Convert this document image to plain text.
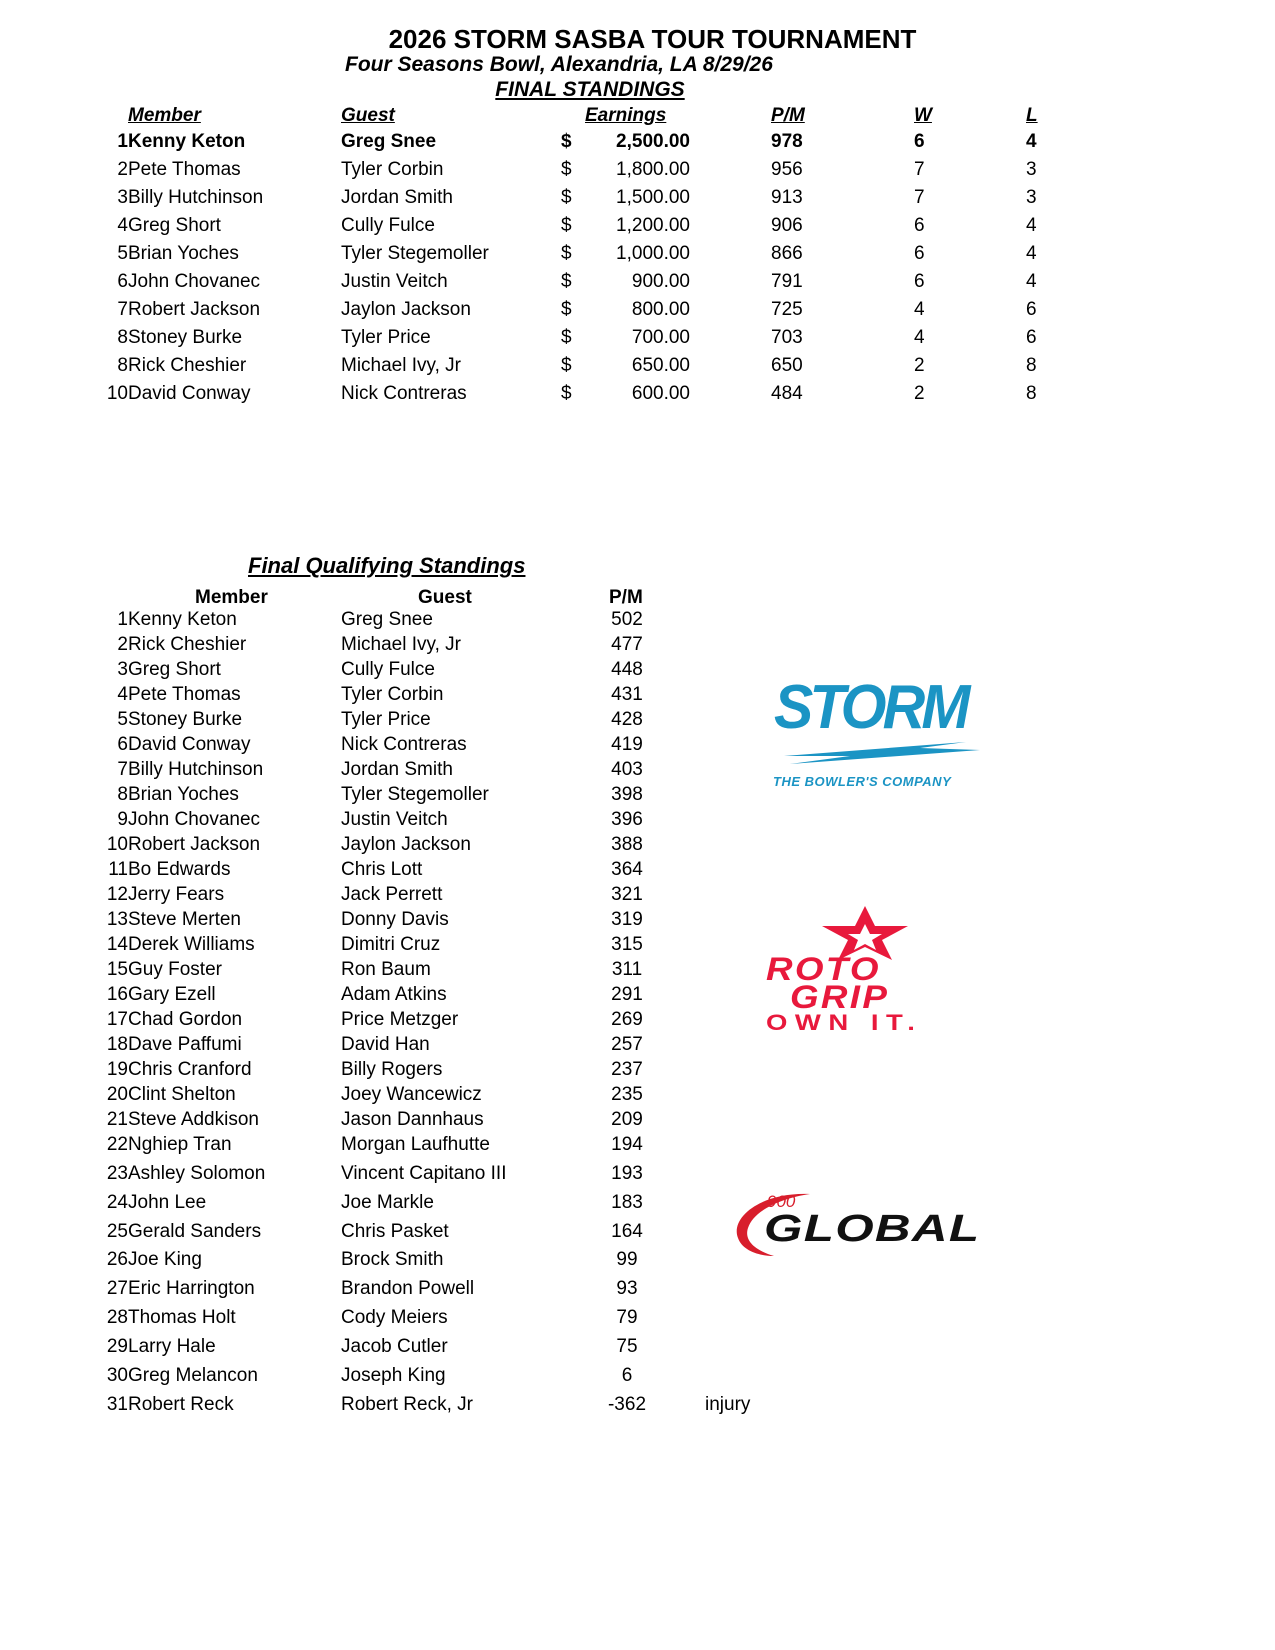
2026 STORM SASBA TOUR TOURNAMENT
Four Seasons Bowl, Alexandria, LA 8/29/26
FINAL STANDINGS
Member	Guest	Earnings	P/M	W	L
1 Kenny Keton	Greg Snee	$ 2,500.00	978	6	4
2 Pete Thomas	Tyler Corbin	$ 1,800.00	956	7	3
3 Billy Hutchinson	Jordan Smith	$ 1,500.00	913	7	3
4 Greg Short	Cully Fulce	$ 1,200.00	906	6	4
5 Brian Yoches	Tyler Stegemoller	$ 1,000.00	866	6	4
6 John Chovanec	Justin Veitch	$	900.00	791	6	4
7 Robert Jackson	Jaylon Jackson	$	800.00	725	4	6
8 Stoney Burke	Tyler Price	$	700.00	703	4	6
8 Rick Cheshier	Michael Ivy, Jr	$	650.00	650	2	8
10 David Conway	Nick Contreras	$	600.00	484	2	8
Final Qualifying Standings
Member	Guest	P/M
1 Kenny Keton	Greg Snee	502
2 Rick Cheshier	Michael Ivy, Jr	477
3 Greg Short	Cully Fulce	448
4 Pete Thomas	Tyler Corbin	431
5 Stoney Burke	Tyler Price	428
6 David Conway	Nick Contreras	419
7 Billy Hutchinson	Jordan Smith	403
8 Brian Yoches	Tyler Stegemoller	398
9 John Chovanec	Justin Veitch	396
10 Robert Jackson	Jaylon Jackson	388
11 Bo Edwards	Chris Lott	364
12 Jerry Fears	Jack Perrett	321
13 Steve Merten	Donny Davis	319
14 Derek Williams	Dimitri Cruz	315
15 Guy Foster	Ron Baum	311
16 Gary Ezell	Adam Atkins	291
17 Chad Gordon	Price Metzger	269
18 Dave Paffumi	David Han	257
19 Chris Cranford	Billy Rogers	237
20 Clint Shelton	Joey Wancewicz	235
21 Steve Addkison	Jason Dannhaus	209
22 Nghiep Tran	Morgan Laufhutte	194
23 Ashley Solomon	Vincent Capitano III	193
24 John Lee	Joe Markle	183
25 Gerald Sanders	Chris Pasket	164
26 Joe King	Brock Smith	99
27 Eric Harrington	Brandon Powell	93
28 Thomas Holt	Cody Meiers	79
29 Larry Hale	Jacob Cutler	75
30 Greg Melancon	Joseph King	6
31 Robert Reck	Robert Reck, Jr	-362	injury
STORM
THE BOWLER'S COMPANY
ROTO
GRIP
OWN IT.
900
GLOBAL
